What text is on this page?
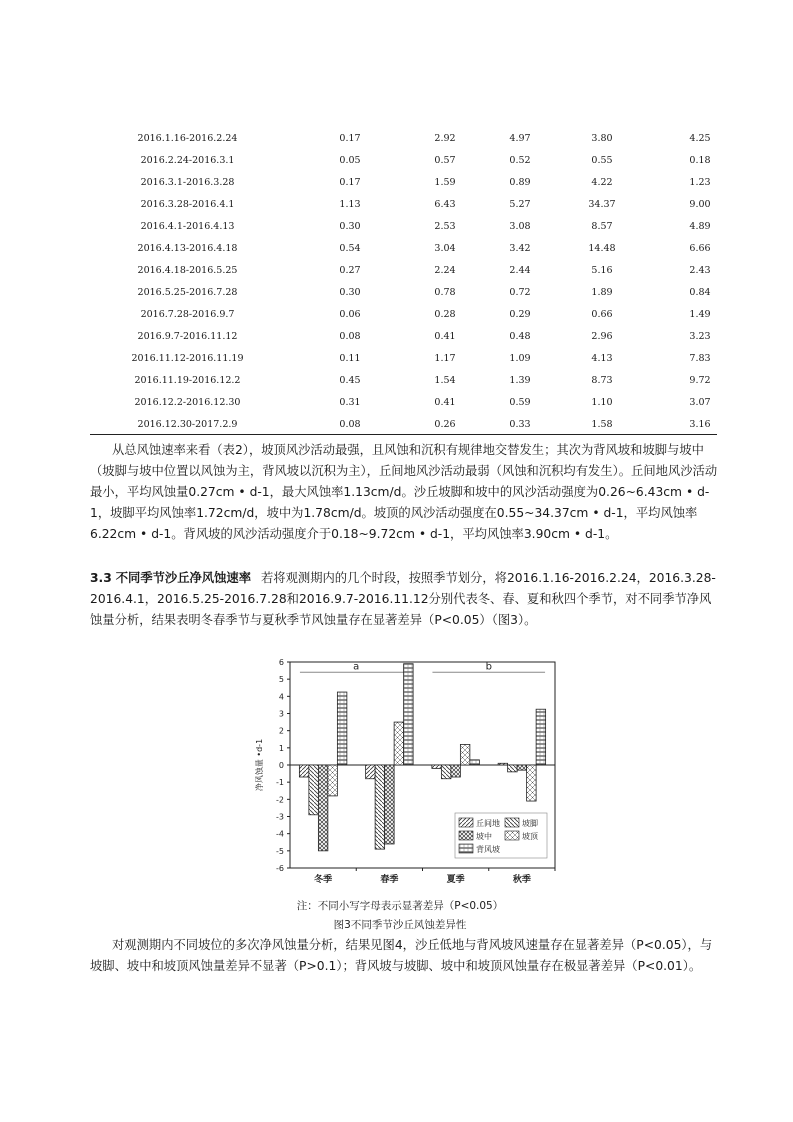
2016.1.16-2016.2.24	0.17	2.92	4.97	3.80	4.25
2016.2.24-2016.3.1	0.05	0.57	0.52	0.55	0.18
2016.3.1-2016.3.28	0.17	1.59	0.89	4.22	1.23
2016.3.28-2016.4.1	1.13	6.43	5.27	34.37	9.00
2016.4.1-2016.4.13	0.30	2.53	3.08	8.57	4.89
2016.4.13-2016.4.18	0.54	3.04	3.42	14.48	6.66
2016.4.18-2016.5.25	0.27	2.24	2.44	5.16	2.43
2016.5.25-2016.7.28	0.30	0.78	0.72	1.89	0.84
2016.7.28-2016.9.7	0.06	0.28	0.29	0.66	1.49
2016.9.7-2016.11.12	0.08	0.41	0.48	2.96	3.23
2016.11.12-2016.11.19	0.11	1.17	1.09	4.13	7.83
2016.11.19-2016.12.2	0.45	1.54	1.39	8.73	9.72
2016.12.2-2016.12.30	0.31	0.41	0.59	1.10	3.07
2016.12.30-2017.2.9	0.08	0.26	0.33	1.58	3.16
从总风蚀速率来看（表2），坡顶风沙活动最强，且风蚀和沉积有规律地交替发生；其次为背风坡和坡脚与坡中（坡脚与坡中位置以风蚀为主，背风坡以沉积为主），丘间地风沙活动最弱（风蚀和沉积均有发生）。丘间地风沙活动最小，平均风蚀量0.27cm • d-1，最大风蚀率1.13cm/d。沙丘坡脚和坡中的风沙活动强度为0.26~6.43cm • d-1，坡脚平均风蚀率1.72cm/d，坡中为1.78cm/d。坡顶的风沙活动强度在0.55~34.37cm • d-1，平均风蚀率6.22cm • d-1。背风坡的风沙活动强度介于0.18~9.72cm • d-1，平均风蚀率3.90cm • d-1。
3.3 不同季节沙丘净风蚀速率 若将观测期内的几个时段，按照季节划分，将2016.1.16-2016.2.24，2016.3.28-2016.4.1，2016.5.25-2016.7.28和2016.9.7-2016.11.12分别代表冬、春、夏和秋四个季节，对不同季节净风蚀量分析，结果表明冬春季节与夏秋季节风蚀量存在显著差异（P<0.05）（图3）。
6
5
4
3
2
1
0
-1
-2
-3
-4
-5
-6
净风蚀量 •d-1
冬季	春季	夏季	秋季
a	b
丘间地	坡脚
坡中	坡顶
背风坡
注：不同小写字母表示显著差异（P<0.05）
图3不同季节沙丘风蚀差异性
对观测期内不同坡位的多次净风蚀量分析，结果见图4，沙丘低地与背风坡风速量存在显著差异（P<0.05），与坡脚、坡中和坡顶风蚀量差异不显著（P>0.1）；背风坡与坡脚、坡中和坡顶风蚀量存在极显著差异（P<0.01）。
